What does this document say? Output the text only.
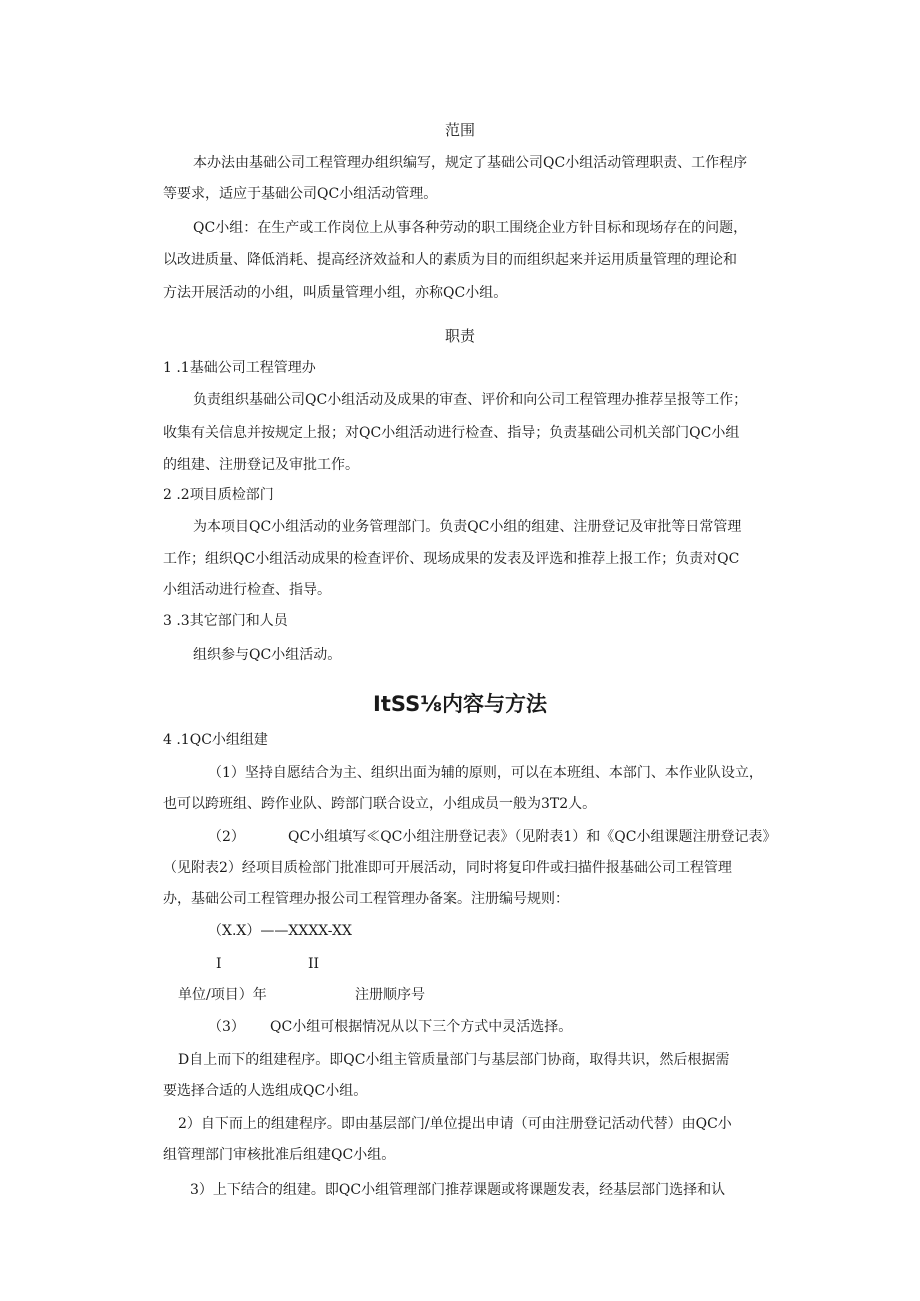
范围
本办法由基础公司工程管理办组织编写，规定了基础公司QC小组活动管理职责、工作程序
等要求，适应于基础公司QC小组活动管理。
QC小组：在生产或工作岗位上从事各种劳动的职工围绕企业方针目标和现场存在的问题，
以改进质量、降低消耗、提高经济效益和人的素质为目的而组织起来并运用质量管理的理论和
方法开展活动的小组，叫质量管理小组，亦称QC小组。
职责
1 .1基础公司工程管理办
负责组织基础公司QC小组活动及成果的审查、评价和向公司工程管理办推荐呈报等工作；
收集有关信息并按规定上报；对QC小组活动进行检查、指导；负责基础公司机关部门QC小组
的组建、注册登记及审批工作。
2 .2项目质检部门
为本项目QC小组活动的业务管理部门。负责QC小组的组建、注册登记及审批等日常管理
工作；组织QC小组活动成果的检查评价、现场成果的发表及评选和推荐上报工作；负责对QC
小组活动进行检查、指导。
3 .3其它部门和人员
组织参与QC小组活动。
ItSS⅛内容与方法
4 .1QC小组组建
（1）坚持自愿结合为主、组织出面为辅的原则，可以在本班组、本部门、本作业队设立，
也可以跨班组、跨作业队、跨部门联合设立，小组成员一般为3T2人。
（2）	QC小组填写≪QC小组注册登记表》（见附表1）和《QC小组课题注册登记表》
（见附表2）经项目质检部门批准即可开展活动，同时将复印件或扫描件报基础公司工程管理
办，基础公司工程管理办报公司工程管理办备案。注册编号规则：
（X.X）——XXXX-XX
I	II
单位/项目）年	注册顺序号
（3） QC小组可根据情况从以下三个方式中灵活选择。
D自上而下的组建程序。即QC小组主管质量部门与基层部门协商，取得共识，然后根据需
要选择合适的人选组成QC小组。
2）自下而上的组建程序。即由基层部门/单位提出申请（可由注册登记活动代替）由QC小
组管理部门审核批准后组建QC小组。
3）上下结合的组建。即QC小组管理部门推荐课题或将课题发表，经基层部门选择和认
